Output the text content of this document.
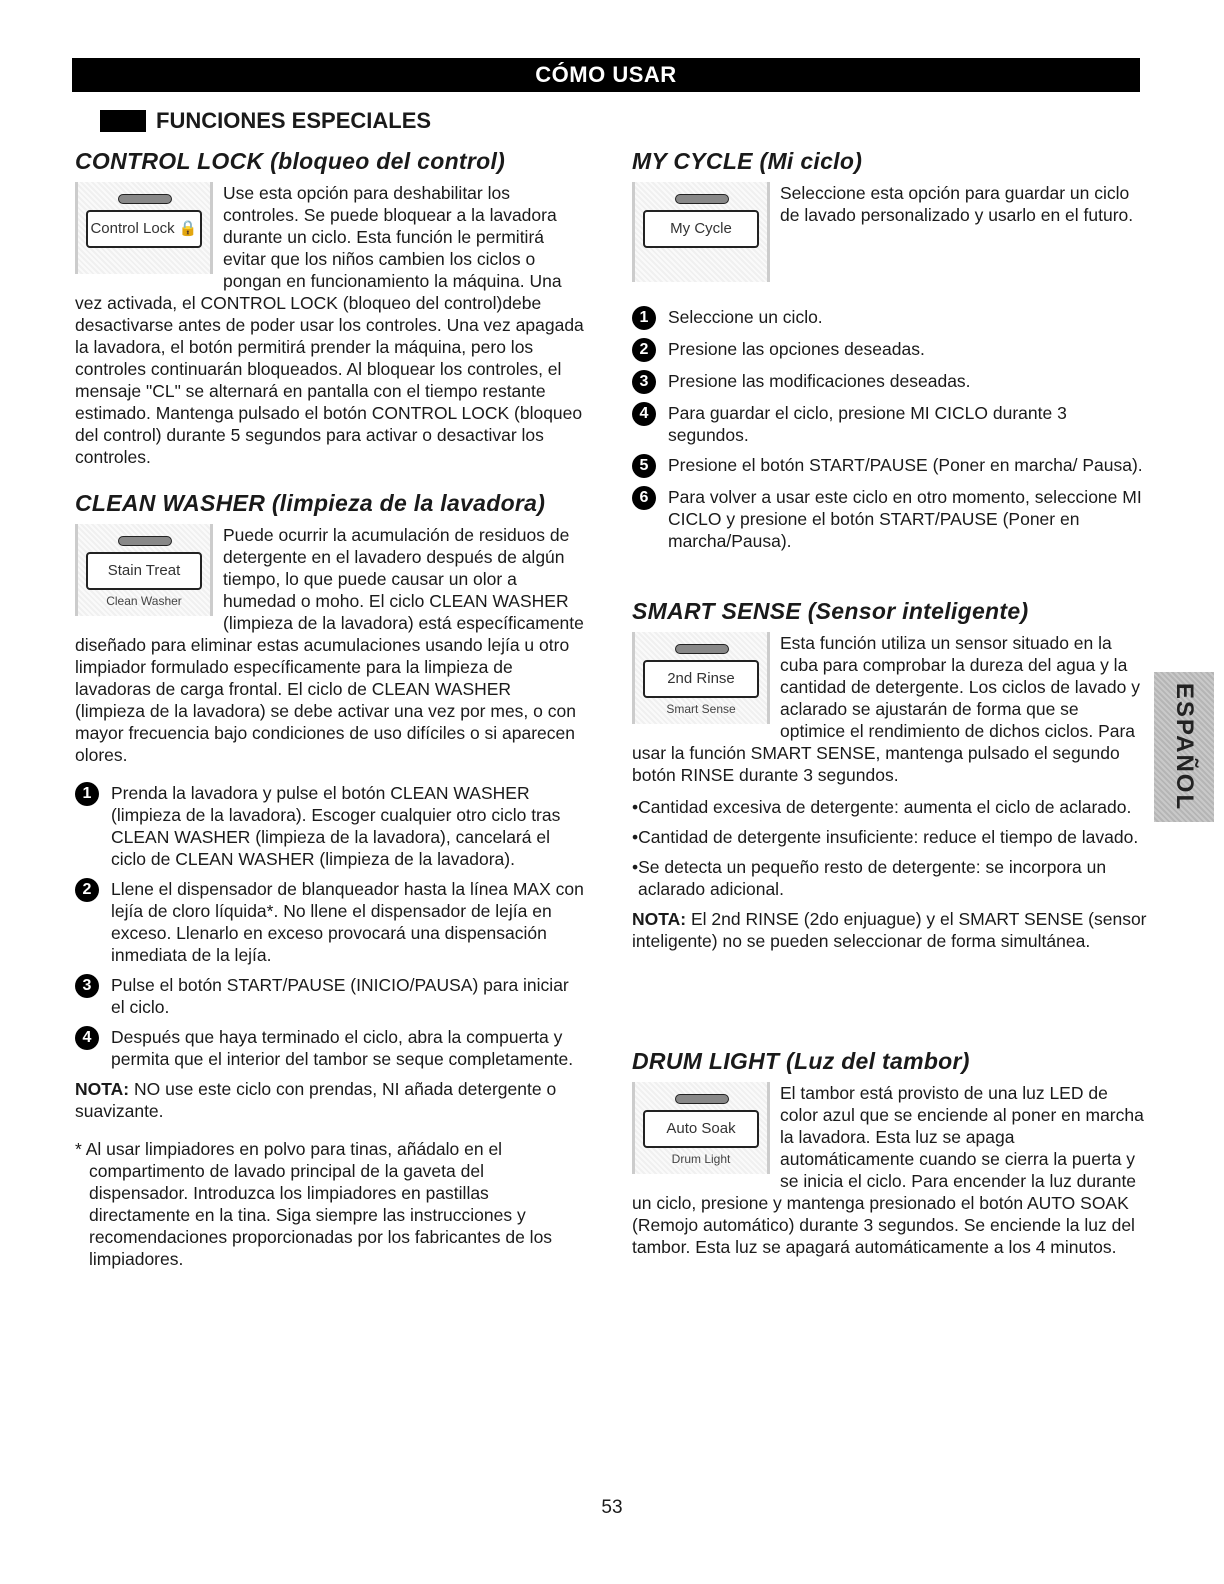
CÓMO USAR
FUNCIONES ESPECIALES
CONTROL LOCK (bloqueo del control)
Control Lock 🔒

Use esta opción para deshabilitar los controles. Se puede bloquear a la lavadora durante un ciclo. Esta función le permitirá evitar que los niños cambien los ciclos o pongan en funcionamiento la máquina. Una vez activada, el CONTROL LOCK (bloqueo del control)debe desactivarse antes de poder usar los controles. Una vez apagada la lavadora, el botón permitirá prender la máquina, pero los controles continuarán bloqueados. Al bloquear los controles, el mensaje "CL" se alternará en pantalla con el tiempo restante estimado. Mantenga pulsado el botón CONTROL LOCK (bloqueo del control) durante 5 segundos para activar o desactivar los controles.

CLEAN WASHER (limpieza de la lavadora)
Stain Treat
Clean Washer

Puede ocurrir la acumulación de residuos de detergente en el lavadero después de algún tiempo, lo que puede causar un olor a humedad o moho. El ciclo CLEAN WASHER (limpieza de la lavadora) está específicamente diseñado para eliminar estas acumulaciones usando lejía u otro limpiador formulado específicamente para la limpieza de lavadoras de carga frontal. El ciclo de CLEAN WASHER (limpieza de la lavadora) se debe activar una vez por mes, o con mayor frecuencia bajo condiciones de uso difíciles o si aparecen olores.

1	Prenda la lavadora y pulse el botón CLEAN WASHER (limpieza de la lavadora). Escoger cualquier otro ciclo tras CLEAN WASHER (limpieza de la lavadora), cancelará el ciclo de CLEAN WASHER (limpieza de la lavadora).
2	Llene el dispensador de blanqueador hasta la línea MAX con lejía de cloro líquida*. No llene el dispensador de lejía en exceso. Llenarlo en exceso provocará una dispensación inmediata de la lejía.
3	Pulse el botón START/PAUSE (INICIO/PAUSA) para iniciar el ciclo.
4	Después que haya terminado el ciclo, abra la compuerta y permita que el interior del tambor se seque completamente.

NOTA: NO use este ciclo con prendas, NI añada detergente o suavizante.

* Al usar limpiadores en polvo para tinas, añádalo en el compartimento de lavado principal de la gaveta del dispensador. Introduzca los limpiadores en pastillas directamente en la tina. Siga siempre las instrucciones y recomendaciones proporcionadas por los fabricantes de los limpiadores.

MY CYCLE (Mi ciclo)
My Cycle

Seleccione esta opción para guardar un ciclo de lavado personalizado y usarlo en el futuro.

1	Seleccione un ciclo.
2	Presione las opciones deseadas.
3	Presione las modificaciones deseadas.
4	Para guardar el ciclo, presione MI CICLO durante 3 segundos.
5	Presione el botón START/PAUSE (Poner en marcha/ Pausa).
6	Para volver a usar este ciclo en otro momento, seleccione MI CICLO y presione el botón START/PAUSE (Poner en marcha/Pausa).
SMART SENSE (Sensor inteligente)
2nd Rinse
Smart Sense

Esta función utiliza un sensor situado en la cuba para comprobar la dureza del agua y la cantidad de detergente. Los ciclos de lavado y aclarado se ajustarán de forma que se optimice el rendimiento de dichos ciclos. Para usar la función SMART SENSE, mantenga pulsado el segundo botón RINSE durante 3 segundos.

•Cantidad excesiva de detergente: aumenta el ciclo de aclarado.

•Cantidad de detergente insuficiente: reduce el tiempo de lavado.

•Se detecta un pequeño resto de detergente: se incorpora un aclarado adicional.

NOTA: El 2nd RINSE (2do enjuague) y el SMART SENSE (sensor inteligente) no se pueden seleccionar de forma simultánea.

DRUM LIGHT (Luz del tambor)
Auto Soak
Drum Light

El tambor está provisto de una luz LED de color azul que se enciende al poner en marcha la lavadora. Esta luz se apaga automáticamente cuando se cierra la puerta y se inicia el ciclo. Para encender la luz durante un ciclo, presione y mantenga presionado el botón AUTO SOAK (Remojo automático) durante 3 segundos. Se enciende la luz del tambor. Esta luz se apagará automáticamente a los 4 minutos.

ESPAÑOL
53
